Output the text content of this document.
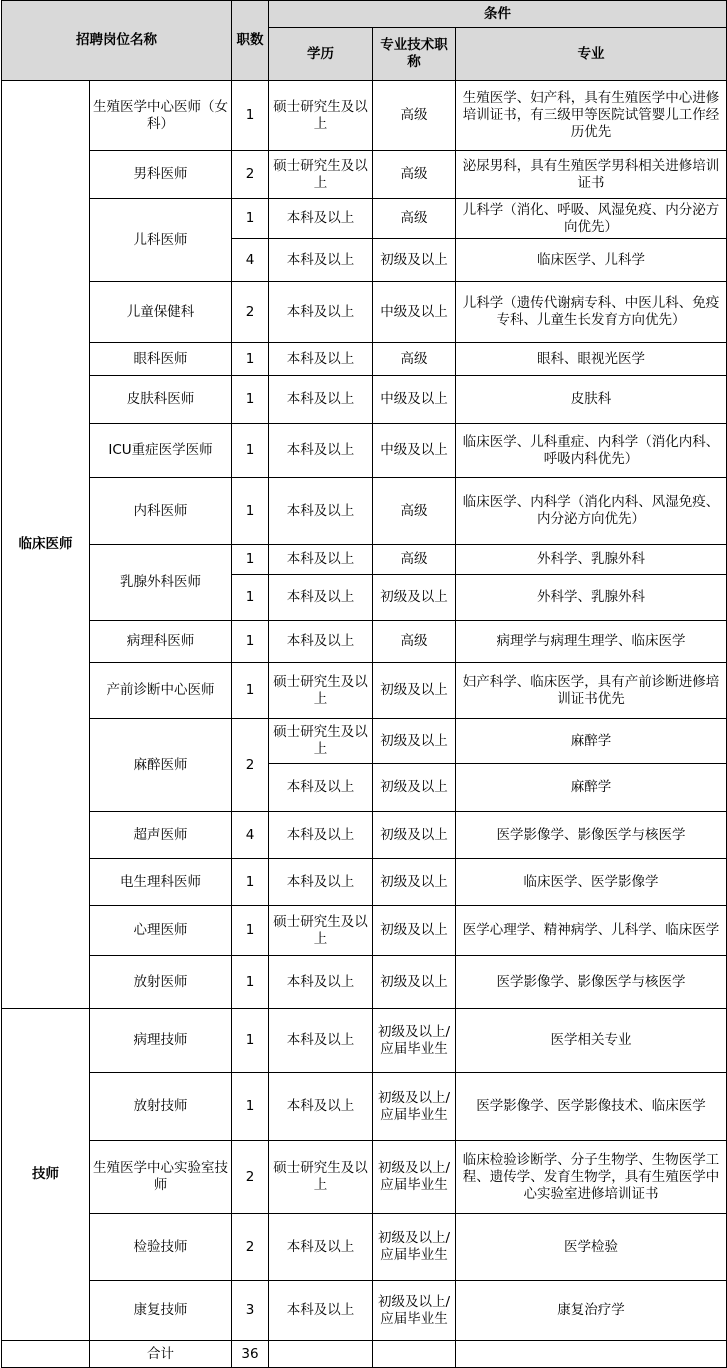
招聘岗位名称		职数	条件		
			学历	专业技术职称	专业
临床医师	生殖医学中心医师（女科）	1	硕士研究生及以上	高级	生殖医学、妇产科，具有生殖医学中心进修培训证书，有三级甲等医院试管婴儿工作经历优先
	男科医师	2	硕士研究生及以上	高级	泌尿男科，具有生殖医学男科相关进修培训证书
	儿科医师	1	本科及以上	高级	儿科学（消化、呼吸、风湿免疫、内分泌方向优先）
		4	本科及以上	初级及以上	临床医学、儿科学
	儿童保健科	2	本科及以上	中级及以上	儿科学（遗传代谢病专科、中医儿科、免疫专科、儿童生长发育方向优先）
	眼科医师	1	本科及以上	高级	眼科、眼视光医学
	皮肤科医师	1	本科及以上	中级及以上	皮肤科
	ICU重症医学医师	1	本科及以上	中级及以上	临床医学、儿科重症、内科学（消化内科、呼吸内科优先）
	内科医师	1	本科及以上	高级	临床医学、内科学（消化内科、风湿免疫、内分泌方向优先）
	乳腺外科医师	1	本科及以上	高级	外科学、乳腺外科
		1	本科及以上	初级及以上	外科学、乳腺外科
	病理科医师	1	本科及以上	高级	病理学与病理生理学、临床医学
	产前诊断中心医师	1	硕士研究生及以上	初级及以上	妇产科学、临床医学，具有产前诊断进修培训证书优先
	麻醉医师	2	硕士研究生及以上	初级及以上	麻醉学
			本科及以上	初级及以上	麻醉学
	超声医师	4	本科及以上	初级及以上	医学影像学、影像医学与核医学
	电生理科医师	1	本科及以上	初级及以上	临床医学、医学影像学
	心理医师	1	硕士研究生及以上	初级及以上	医学心理学、精神病学、儿科学、临床医学
	放射医师	1	本科及以上	初级及以上	医学影像学、影像医学与核医学
技师	病理技师	1	本科及以上	初级及以上/应届毕业生	医学相关专业
	放射技师	1	本科及以上	初级及以上/应届毕业生	医学影像学、医学影像技术、临床医学
	生殖医学中心实验室技师	2	硕士研究生及以上	初级及以上/应届毕业生	临床检验诊断学、分子生物学、生物医学工程、遗传学、发育生物学，具有生殖医学中心实验室进修培训证书
	检验技师	2	本科及以上	初级及以上/应届毕业生	医学检验
	康复技师	3	本科及以上	初级及以上/应届毕业生	康复治疗学
	合计	36			
